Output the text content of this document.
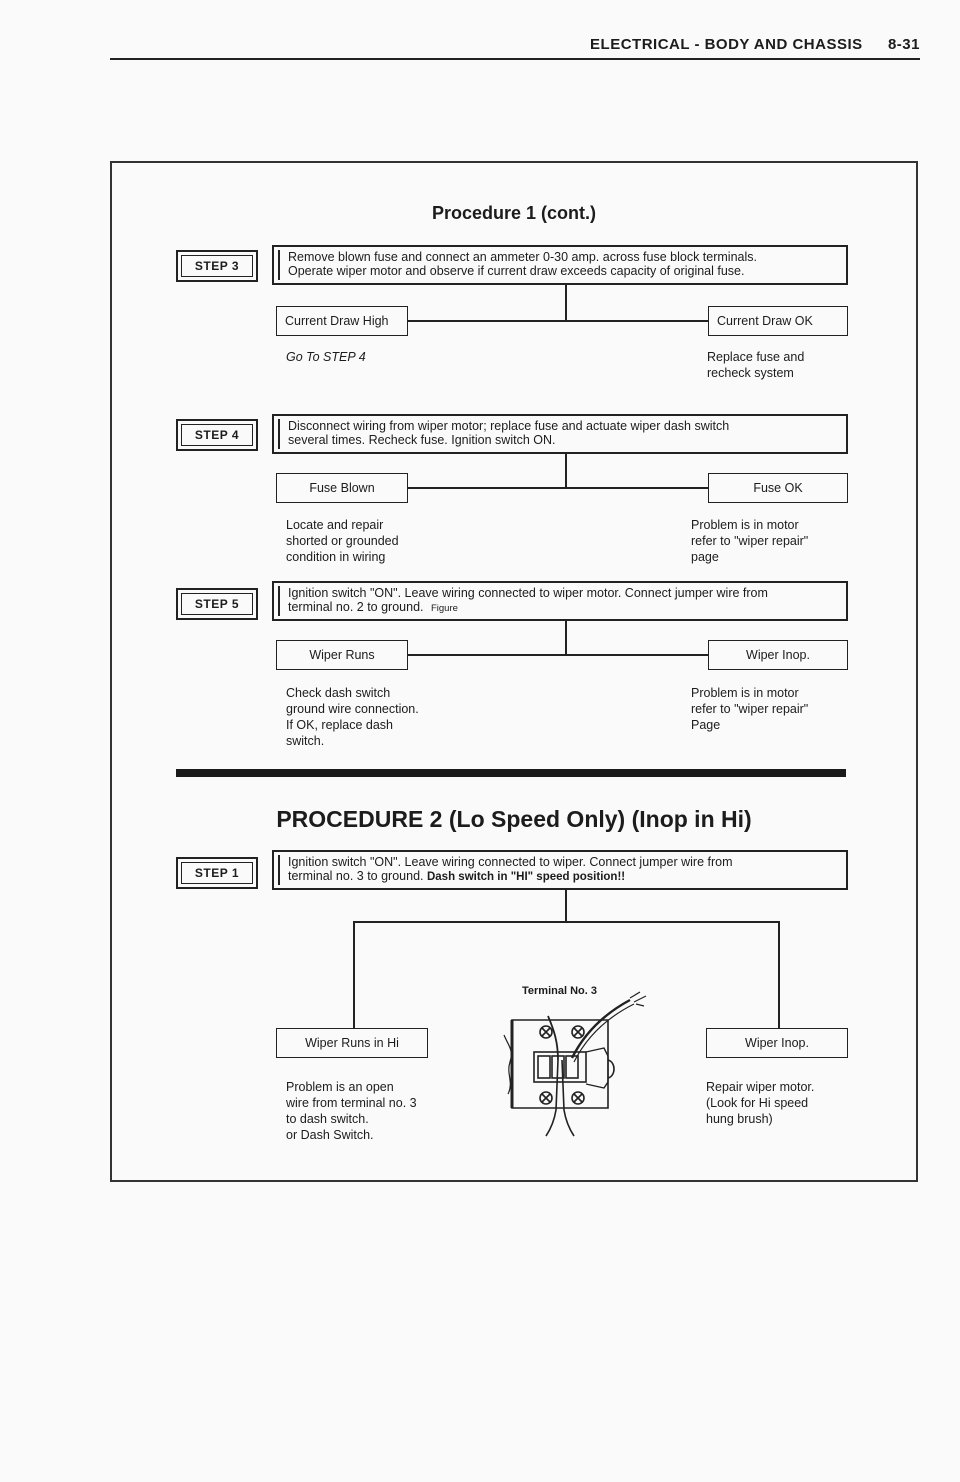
ELECTRICAL - BODY AND CHASSIS 8-31
Procedure 1 (cont.)
STEP 3
Remove blown fuse and connect an ammeter 0-30 amp. across fuse block terminals.
Operate wiper motor and observe if current draw exceeds capacity of original fuse.
Current Draw High	Current Draw OK
Go To STEP 4	Replace fuse and
recheck system
STEP 4
Disconnect wiring from wiper motor; replace fuse and actuate wiper dash switch
several times. Recheck fuse. Ignition switch ON.
Fuse Blown	Fuse OK
Locate and repair
shorted or grounded
condition in wiring
Problem is in motor
refer to "wiper repair"
page
STEP 5
Ignition switch "ON". Leave wiring connected to wiper motor. Connect jumper wire from
terminal no. 2 to ground. Figure
Wiper Runs	Wiper Inop.
Check dash switch
ground wire connection.
If OK, replace dash
switch.
Problem is in motor
refer to "wiper repair"
Page
PROCEDURE 2 (Lo Speed Only) (Inop in Hi)
STEP 1
Ignition switch "ON". Leave wiring connected to wiper. Connect jumper wire from
terminal no. 3 to ground. Dash switch in "HI" speed position!!
Wiper Runs in Hi	Wiper Inop.
Problem is an open
wire from terminal no. 3
to dash switch.
or Dash Switch.
Repair wiper motor.
(Look for Hi speed
hung brush)
Terminal No. 3
